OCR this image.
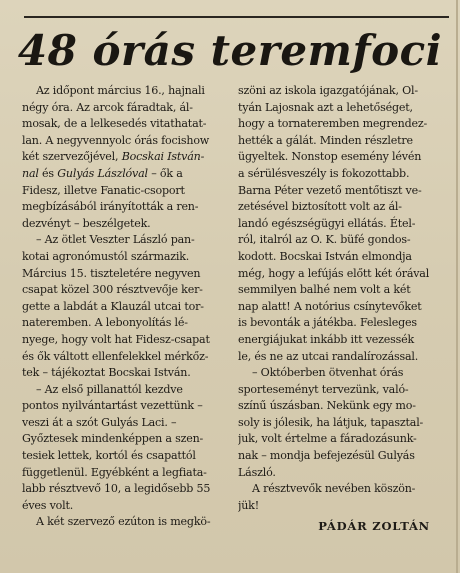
48 órás teremfoci
Az időpont március 16., hajnali
négy óra. Az arcok fáradtak, ál-
mosak, de a lelkesedés vitathatat-
lan. A negyvennyolc órás focishow
két szervezőjével, Bocskai István-
nal és Gulyás Lászlóval – ők a
Fidesz, illetve Fanatic-csoport
megbízásából irányították a ren-
dezvényt – beszélgetek.
– Az ötlet Veszter László pan-
kotai agronómustól származik.
Március 15. tiszteletére negyven
csapat közel 300 résztvevője ker-
gette a labdát a Klauzál utcai tor-
nateremben. A lebonyolítás lé-
nyege, hogy volt hat Fidesz-csapat
és ők váltott ellenfelekkel mérkőz-
tek – tájékoztat Bocskai István.
– Az első pillanattól kezdve
pontos nyilvántartást vezettünk –
veszi át a szót Gulyás Laci. –
Győztesek mindenképpen a szen-
tesiek lettek, kortól és csapattól
függetlenül. Egyébként a legfiata-
labb résztvevő 10, a legidősebb 55
éves volt.
A két szervező ezúton is megkö-
szöni az iskola igazgatójának, Ol-
tyán Lajosnak azt a lehetőséget,
hogy a tornateremben megrendez-
hették a gálát. Minden részletre
ügyeltek. Nonstop esemény lévén
a sérülésveszély is fokozottabb.
Barna Péter vezető mentőtiszt ve-
zetésével biztosított volt az ál-
landó egészségügyi ellátás. Étel-
ról, italról az O. K. büfé gondos-
kodott. Bocskai István elmondja
még, hogy a lefújás előtt két órával
semmilyen balhé nem volt a két
nap alatt! A notórius csínytevőket
is bevonták a játékba. Felesleges
energiájukat inkább itt vezessék
le, és ne az utcai randalírozással.
– Októberben ötvenhat órás
sporteseményt tervezünk, való-
színű úszásban. Nekünk egy mo-
soly is jólesik, ha látjuk, tapasztal-
juk, volt értelme a fáradozásunk-
nak – mondja befejezésül Gulyás
László.
A résztvevők nevében köszön-
jük!
PÁDÁR ZOLTÁN
